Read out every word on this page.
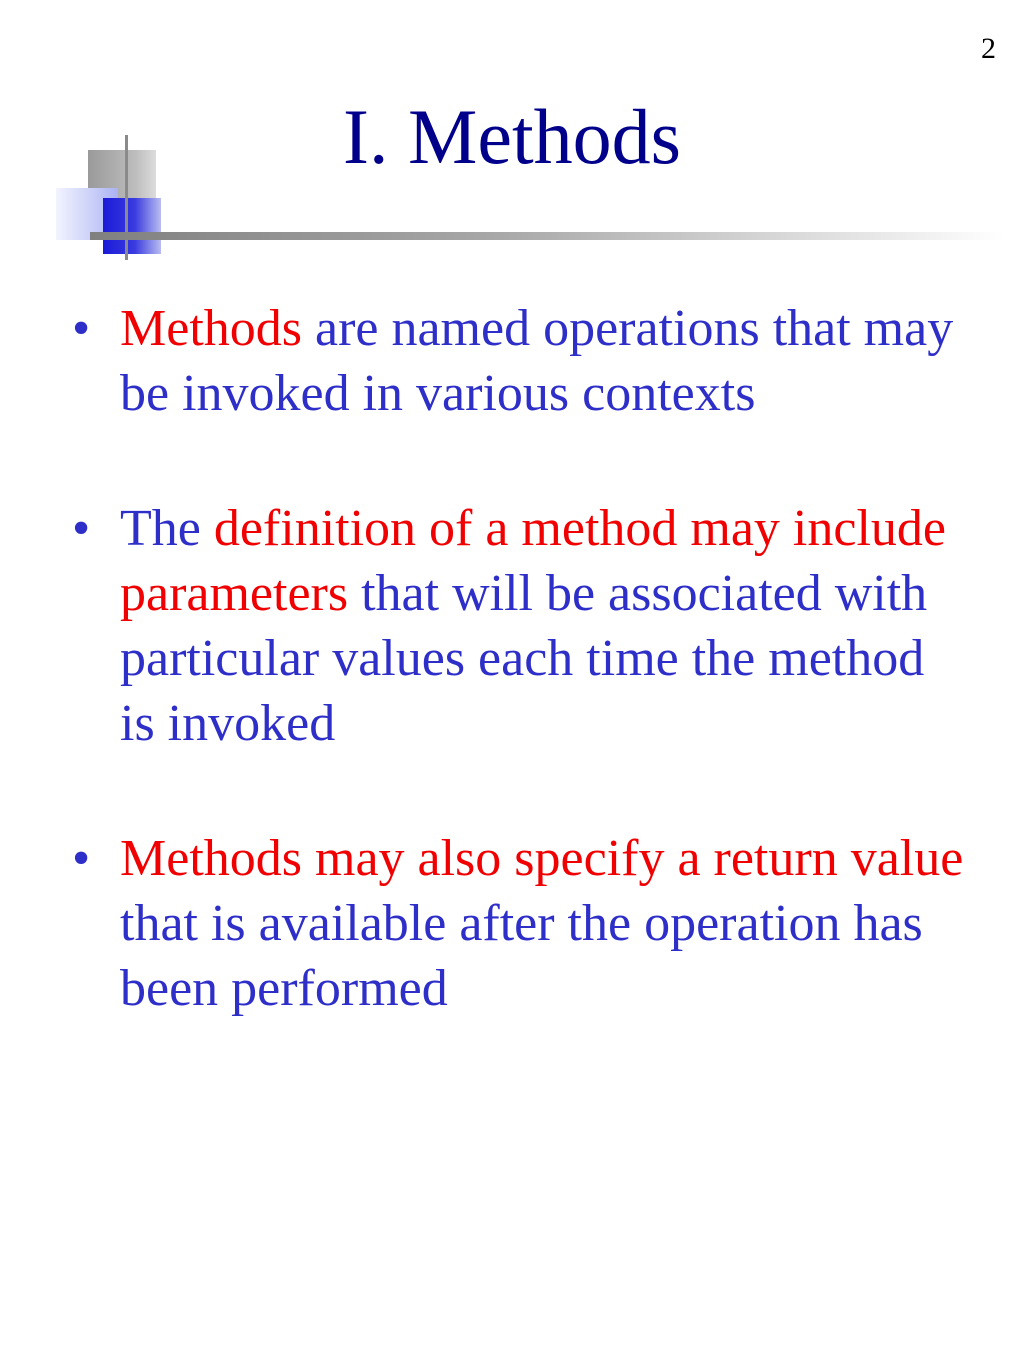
2
I. Methods
• Methods are named operations that may be invoked in various contexts
• The definition of a method may include parameters that will be associated with particular values each time the method is invoked
• Methods may also specify a return value that is available after the operation has been performed
